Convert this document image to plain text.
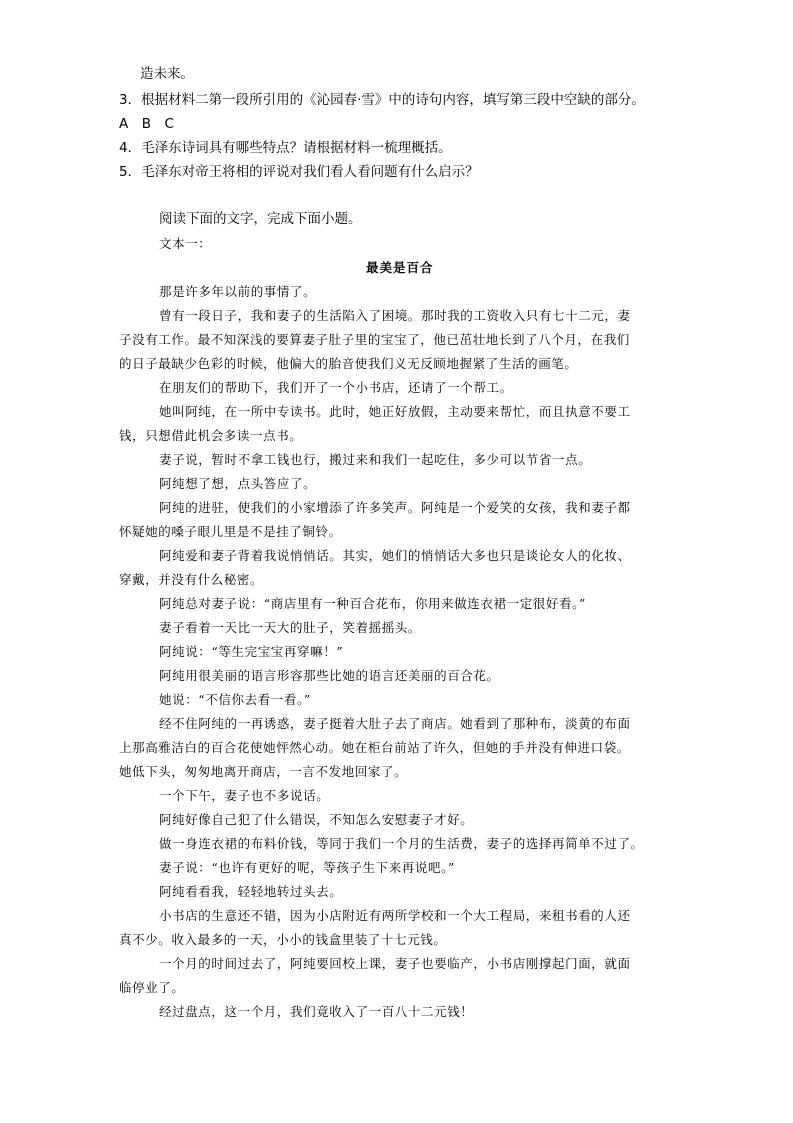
造未来。
3．根据材料二第一段所引用的《沁园春·雪》中的诗句内容，填写第三段中空缺的部分。
A　B　C
4．毛泽东诗词具有哪些特点？请根据材料一梳理概括。
5．毛泽东对帝王将相的评说对我们看人看问题有什么启示？
阅读下面的文字，完成下面小题。
文本一：
最美是百合
那是许多年以前的事情了。
曾有一段日子，我和妻子的生活陷入了困境。那时我的工资收入只有七十二元，妻
子没有工作。最不知深浅的要算妻子肚子里的宝宝了，他已茁壮地长到了八个月，在我们
的日子最缺少色彩的时候，他偏大的胎音使我们义无反顾地握紧了生活的画笔。
在朋友们的帮助下，我们开了一个小书店，还请了一个帮工。
她叫阿纯，在一所中专读书。此时，她正好放假，主动要来帮忙，而且执意不要工
钱，只想借此机会多读一点书。
妻子说，暂时不拿工钱也行，搬过来和我们一起吃住，多少可以节省一点。
阿纯想了想，点头答应了。
阿纯的进驻，使我们的小家增添了许多笑声。阿纯是一个爱笑的女孩，我和妻子都
怀疑她的嗓子眼儿里是不是挂了铜铃。
阿纯爱和妻子背着我说悄悄话。其实，她们的悄悄话大多也只是谈论女人的化妆、
穿戴，并没有什么秘密。
阿纯总对妻子说：“商店里有一种百合花布，你用来做连衣裙一定很好看。”
妻子看着一天比一天大的肚子，笑着摇摇头。
阿纯说：“等生完宝宝再穿嘛！”
阿纯用很美丽的语言形容那些比她的语言还美丽的百合花。
她说：“不信你去看一看。”
经不住阿纯的一再诱惑，妻子挺着大肚子去了商店。她看到了那种布，淡黄的布面
上那高雅洁白的百合花使她怦然心动。她在柜台前站了许久，但她的手并没有伸进口袋。
她低下头，匆匆地离开商店，一言不发地回家了。
一个下午，妻子也不多说话。
阿纯好像自己犯了什么错误，不知怎么安慰妻子才好。
做一身连衣裙的布料价钱，等同于我们一个月的生活费，妻子的选择再简单不过了。
妻子说：“也许有更好的呢，等孩子生下来再说吧。”
阿纯看看我，轻轻地转过头去。
小书店的生意还不错，因为小店附近有两所学校和一个大工程局，来租书看的人还
真不少。收入最多的一天，小小的钱盒里装了十七元钱。
一个月的时间过去了，阿纯要回校上课，妻子也要临产，小书店刚撑起门面，就面
临停业了。
经过盘点，这一个月，我们竟收入了一百八十二元钱！
